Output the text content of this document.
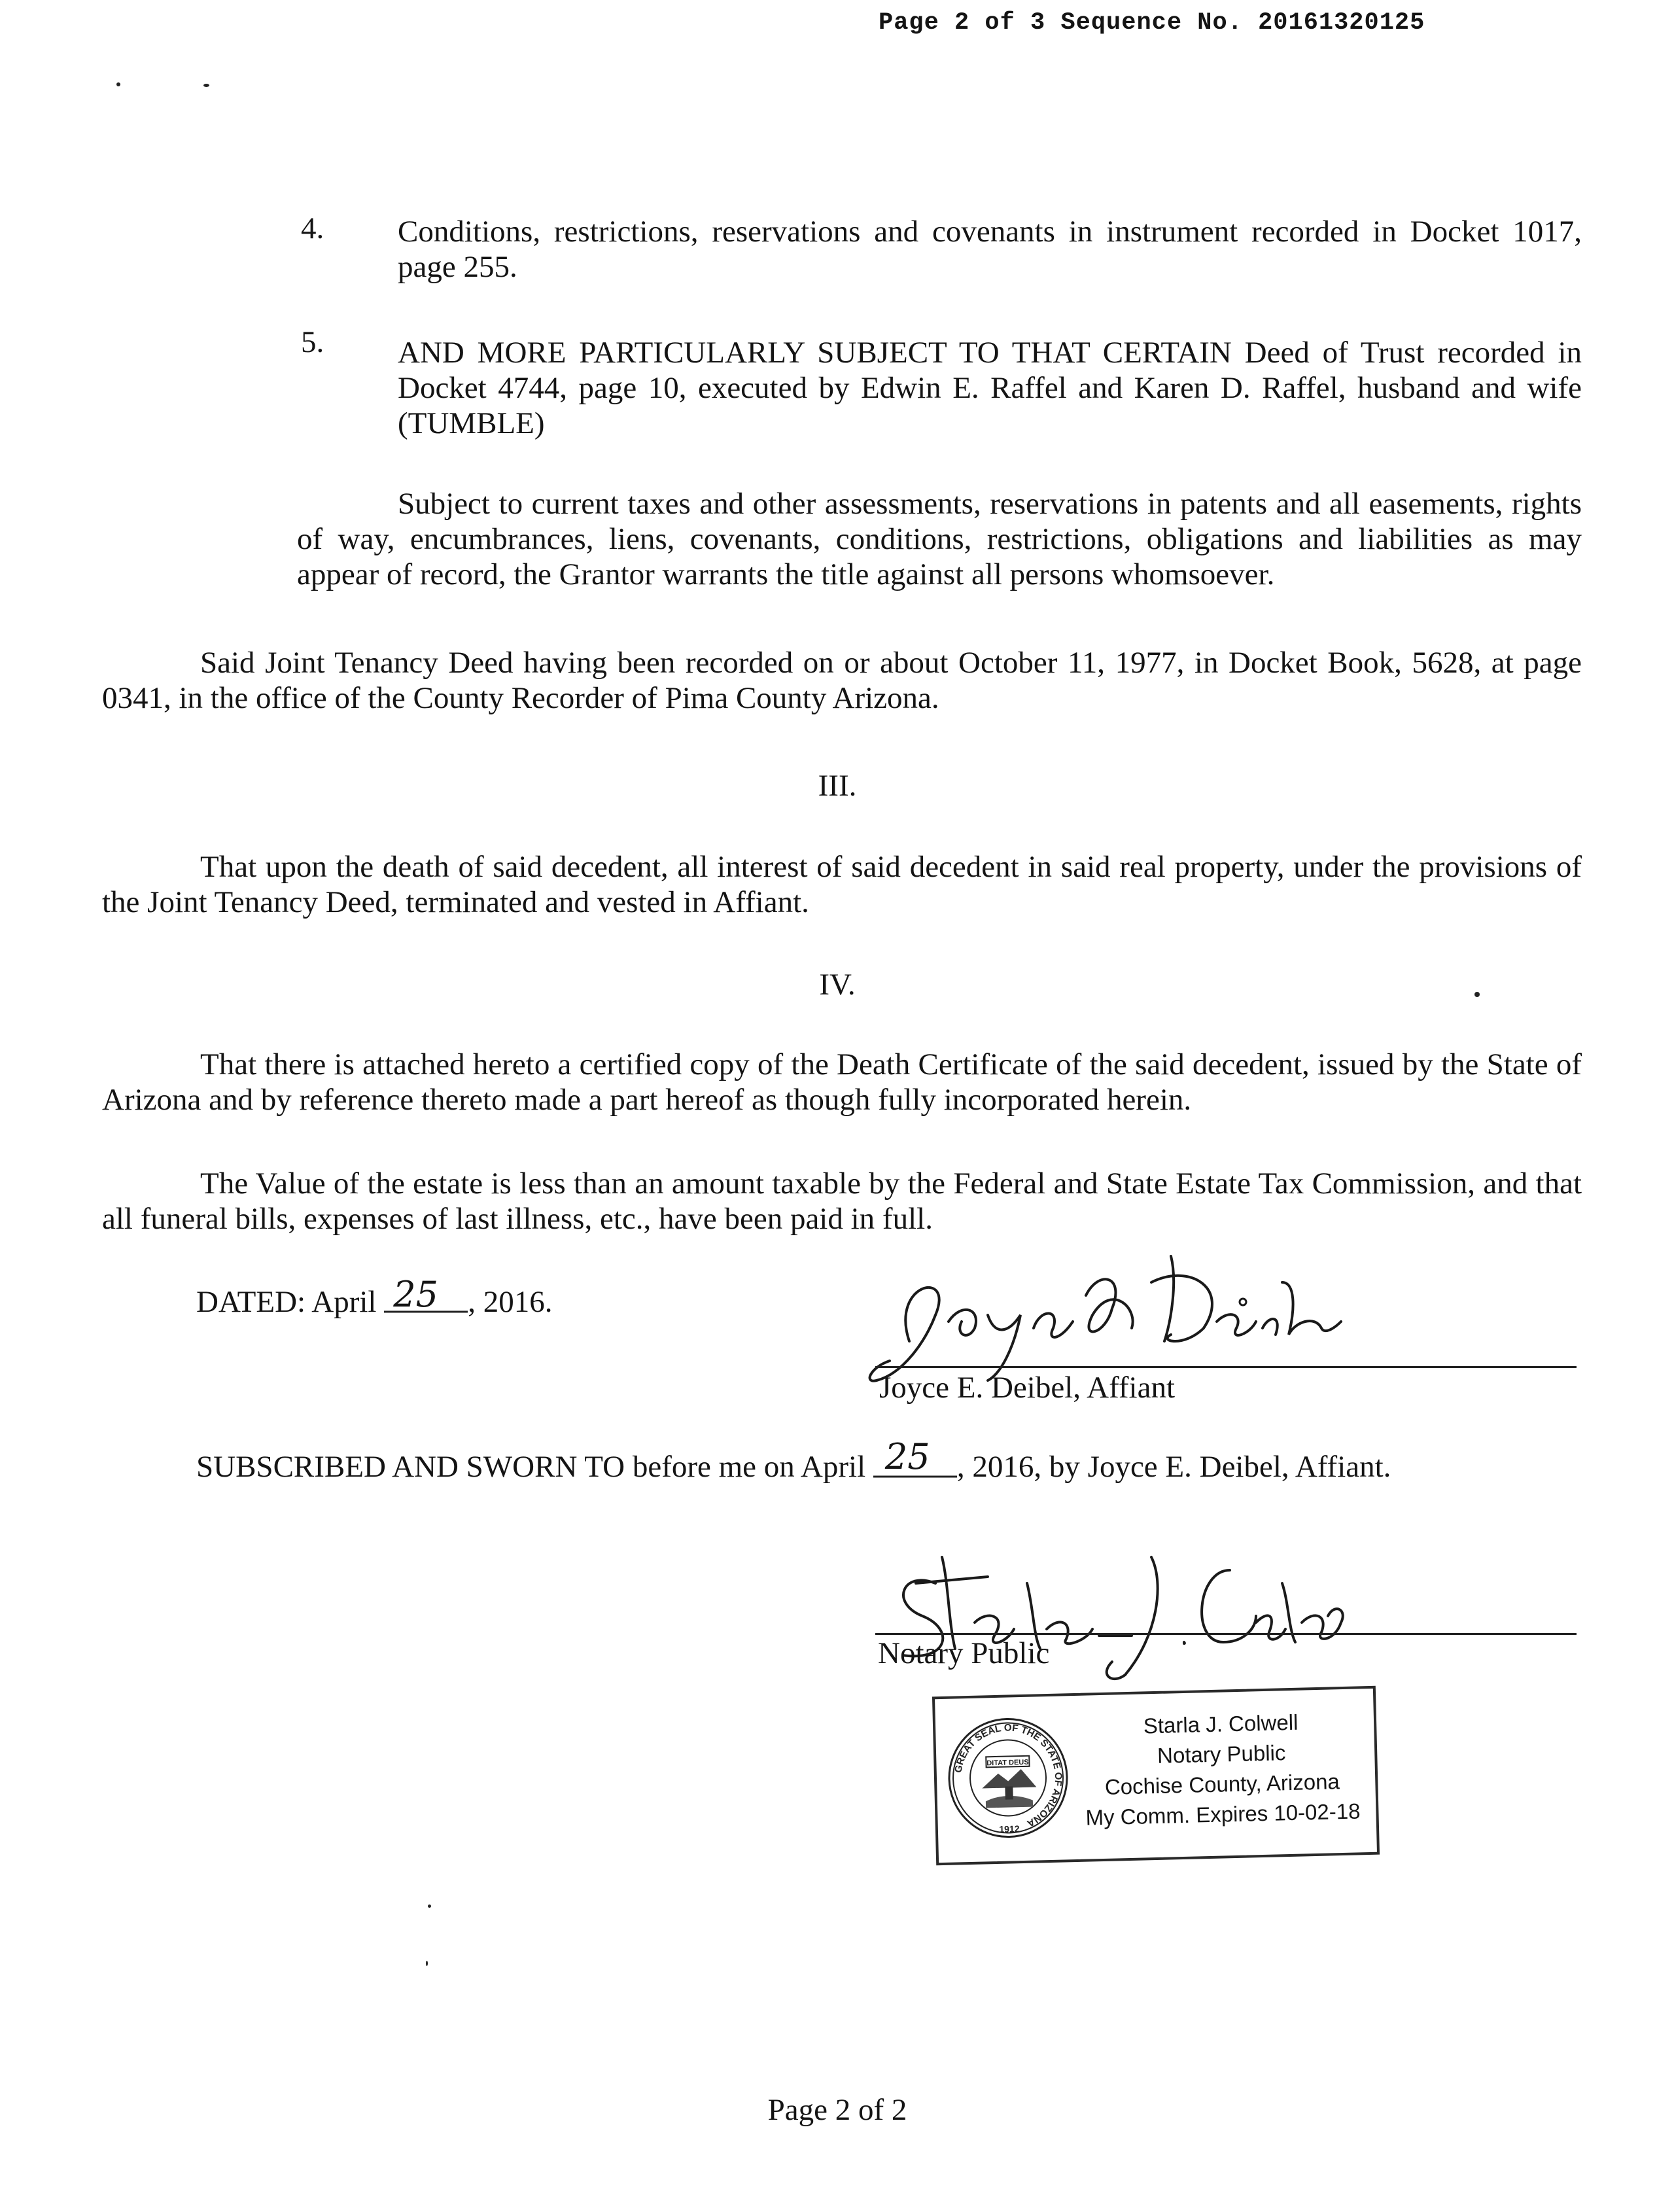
Page 2 of 3 Sequence No. 20161320125
4. Conditions, restrictions, reservations and covenants in instrument recorded in Docket 1017, page 255.
5. AND MORE PARTICULARLY SUBJECT TO THAT CERTAIN Deed of Trust recorded in Docket 4744, page 10, executed by Edwin E. Raffel and Karen D. Raffel, husband and wife (TUMBLE)
Subject to current taxes and other assessments, reservations in patents and all easements, rights of way, encumbrances, liens, covenants, conditions, restrictions, obligations and liabilities as may appear of record, the Grantor warrants the title against all persons whomsoever.
Said Joint Tenancy Deed having been recorded on or about October 11, 1977, in Docket Book, 5628, at page 0341, in the office of the County Recorder of Pima County Arizona.
III.
That upon the death of said decedent, all interest of said decedent in said real property, under the provisions of the Joint Tenancy Deed, terminated and vested in Affiant.
IV.
That there is attached hereto a certified copy of the Death Certificate of the said decedent, issued by the State of Arizona and by reference thereto made a part hereof as though fully incorporated herein.
The Value of the estate is less than an amount taxable by the Federal and State Estate Tax Commission, and that all funeral bills, expenses of last illness, etc., have been paid in full.
DATED: April 25 , 2016.
Joyce E. Deibel, Affiant
SUBSCRIBED AND SWORN TO before me on April 25 , 2016, by Joyce E. Deibel, Affiant.
Notary Public
GREAT SEAL OF THE STATE OF ARIZONA
1912
DITAT DEUS
Starla J. Colwell
Notary Public
Cochise County, Arizona
My Comm. Expires 10-02-18
Page 2 of 2
